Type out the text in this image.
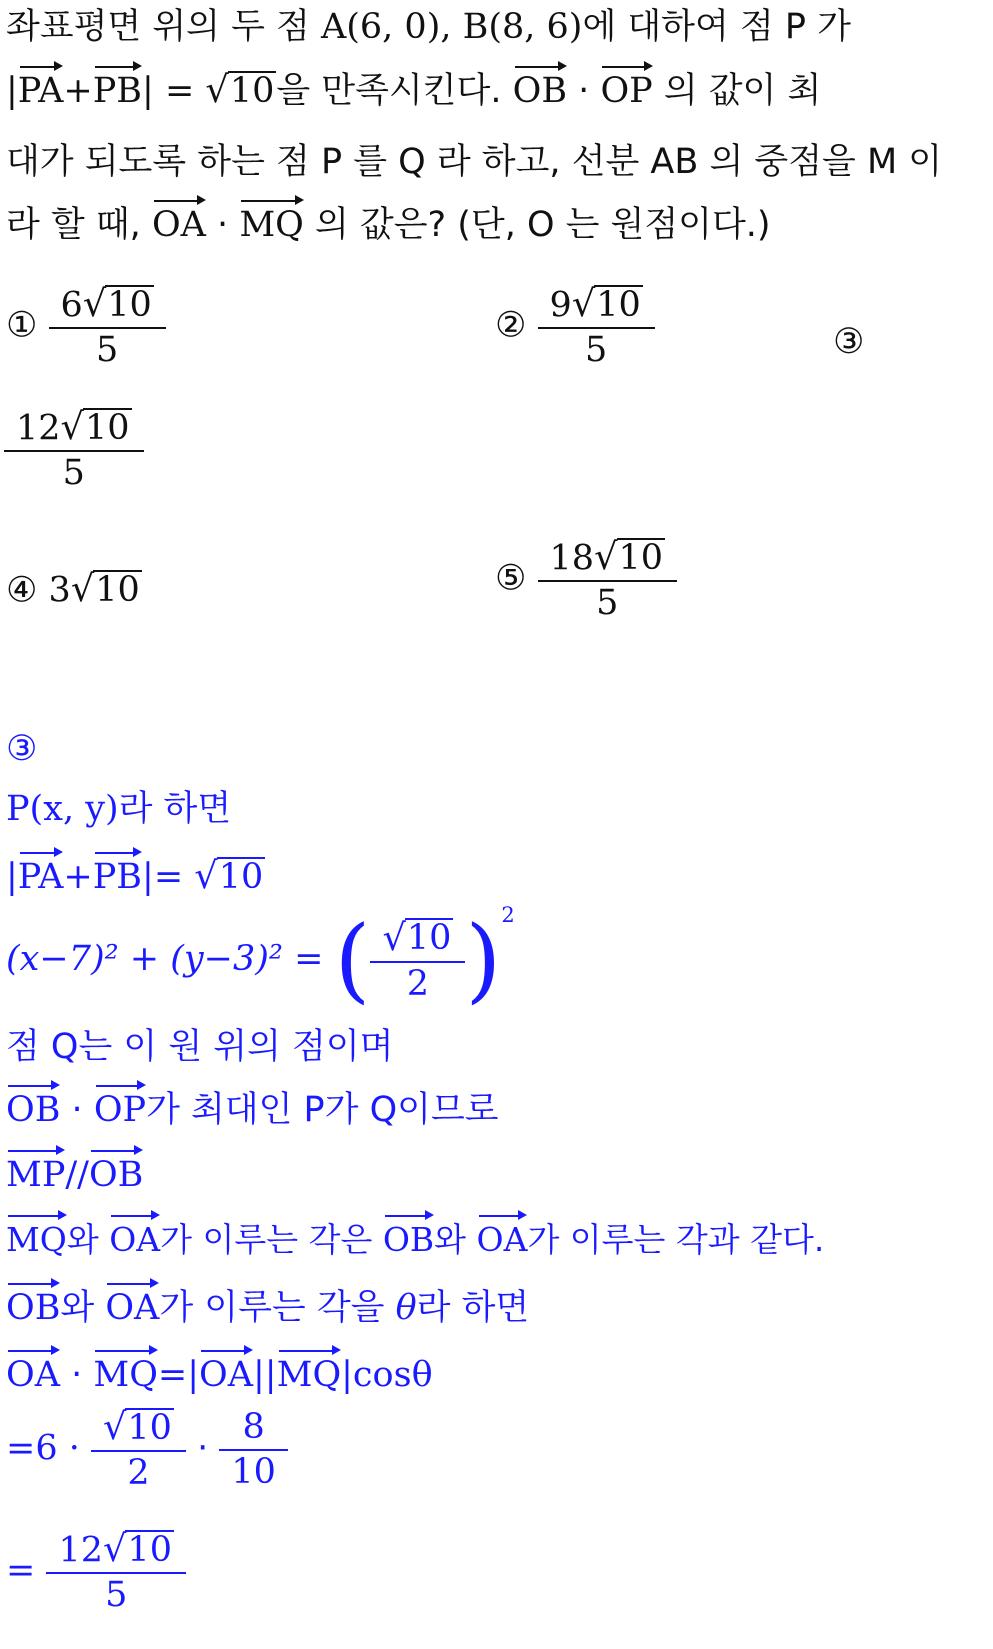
좌표평면 위의 두 점 A(6, 0), B(8, 6)에 대하여 점 P 가
|PA+PB| = √ 10 을 만족시킨다. OB · OP 의 값이 최
대가 되도록 하는 점 P 를 Q 라 하고, 선분 AB 의 중점을 M 이
라 할 때, OA · MQ 의 값은? (단, O 는 원점이다.)
① $\frac{6 √ 10}{5}$	② $\frac{9 √ 10}{5}$	③
$\frac{12 √ 10}{5}$
④ 3 √ 10	⑤ $\frac{18 √ 10}{5}$
③
P(x, y)라 하면
|PA+PB|= √ 10
(x−7)² + (y−3)² = ( $\frac{√ 10}{2} )^2$
점 Q는 이 원 위의 점이며
OB · OP가 최대인 P가 Q이므로
MP//OB
MQ와 OA가 이루는 각은 OB와 OA가 이루는 각과 같다.
OB와 OA가 이루는 각을 θ라 하면
OA · MQ=|OA||MQ|cosθ
$=6 \cdot \frac{√ 10}{2} \cdot \frac{8}{10}$
= $\frac{12 √ 10}{5}$
